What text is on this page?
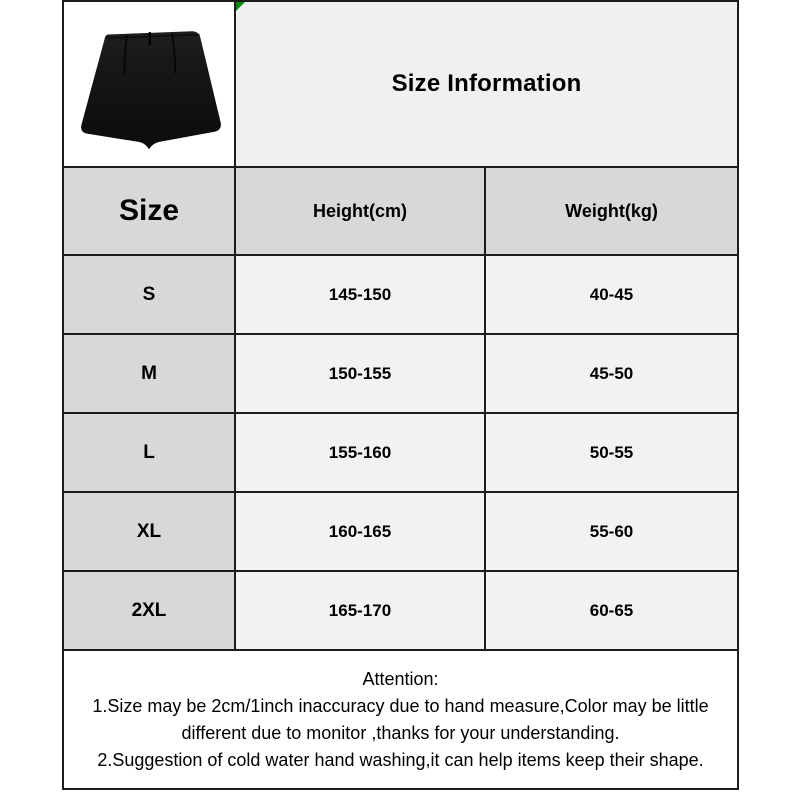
Size Information	
Size	Height(cm)	Weight(kg)
S	145-150	40-45
M	150-155	45-50
L	155-160	50-55
XL	160-165	55-60
2XL	165-170	60-65

Attention:
1.Size may be 2cm/1inch inaccuracy due to hand measure,Color may be little different due to monitor ,thanks for your understanding.
2.Suggestion of cold water hand washing,it can help items keep their shape.		
